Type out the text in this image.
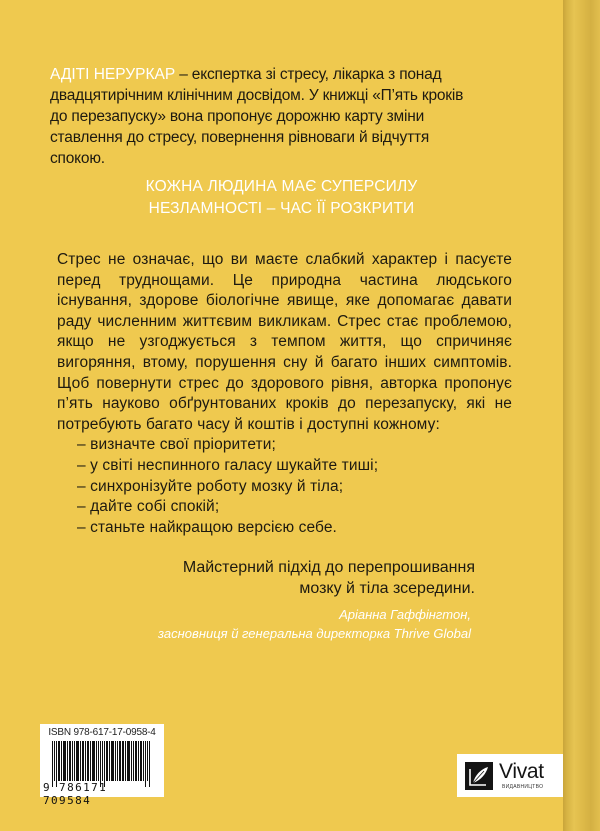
АДІТІ НЕРУРКАР – експертка зі стресу, лікарка з понад двадцятирічним клінічним досвідом. У книжці «П’ять кроків до перезапуску» вона пропонує дорожню карту зміни ставлення до стресу, повернення рівноваги й відчуття спокою.

КОЖНА ЛЮДИНА МАЄ СУПЕРСИЛУ
НЕЗЛАМНОСТІ – ЧАС ЇЇ РОЗКРИТИ
Стрес не означає, що ви маєте слабкий характер і пасуєте перед труднощами. Це природна частина людського існування, здорове біологічне явище, яке допомагає давати раду численним життєвим викликам. Стрес стає проблемою, якщо не узгоджується з темпом життя, що спричиняє вигоряння, втому, порушення сну й багато інших симптомів. Щоб повернути стрес до здорового рівня, авторка пропонує п’ять науково обґрунтованих кроків до перезапуску, які не потребують багато часу й коштів і доступні кожному:
– визначте свої пріоритети;
– у світі неспинного галасу шукайте тиші;
– синхронізуйте роботу мозку й тіла;
– дайте собі спокій;
– станьте найкращою версією себе.
Майстерний підхід до перепрошивання
мозку й тіла зсередини.
Аріанна Гаффінгтон,
засновниця й генеральна директорка Thrive Global
ISBN 978-617-17-0958-4
9 786171 709584
Vivat
ВИДАВНИЦТВО
